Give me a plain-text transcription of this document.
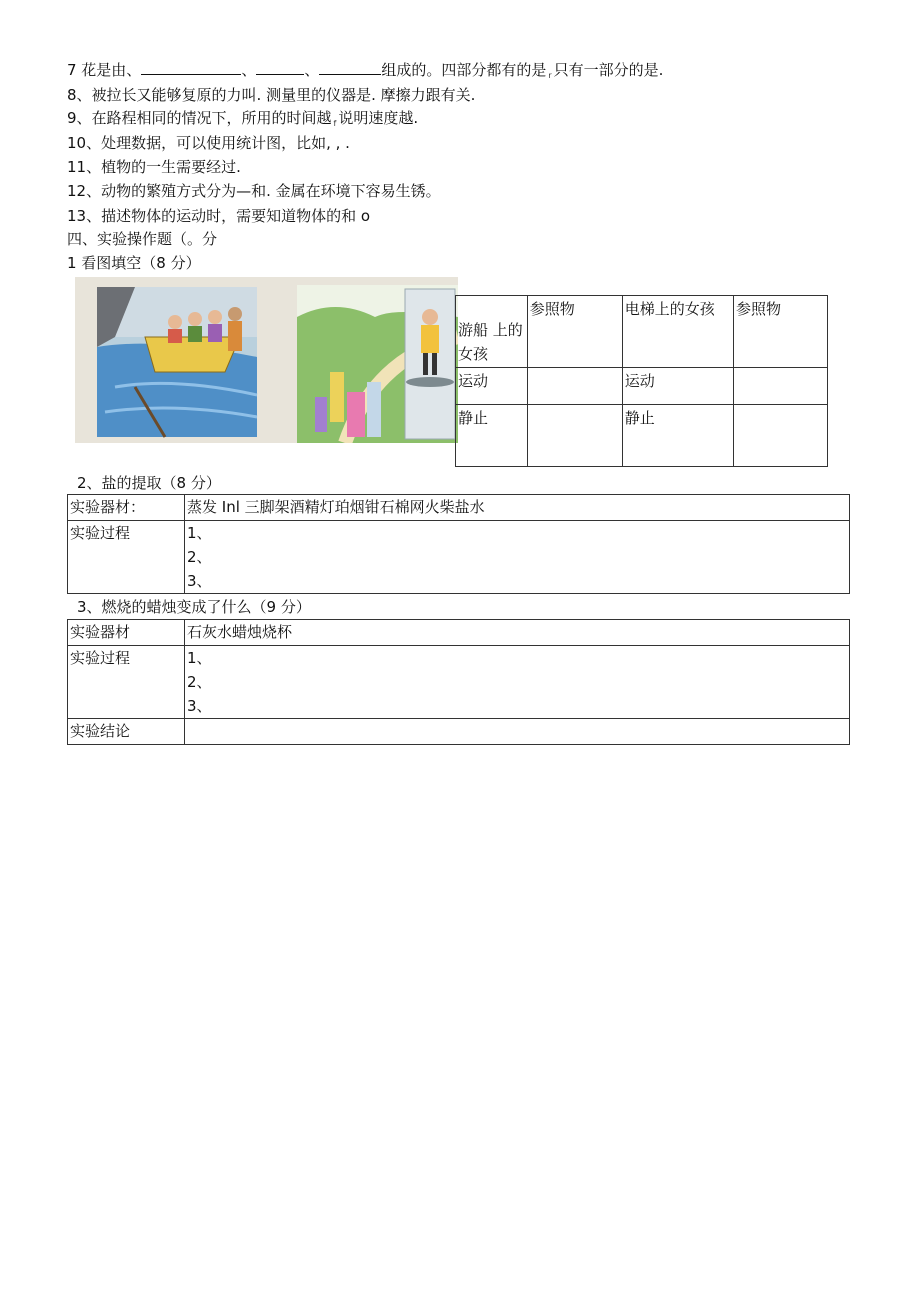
7 花是由、	、	、	组成的。四部分都有的是 $_r$ 只有一部分的是.
8、被拉长又能够复原的力叫. 测量里的仪器是. 摩擦力跟有关.
9、在路程相同的情况下，所用的时间越 $_f$ 说明速度越.
10、处理数据，可以使用统计图，比如, , .
11、植物的一生需要经过.
12、动物的繁殖方式分为—和. 金属在环境下容易生锈。
13、描述物体的运动时，需要知道物体的和 o
四、实验操作题（。分
1 看图填空（8 分）
游船 上的 女孩	参照物	电梯上的女孩	参照物
运动		运动	
静止		静止	
2、盐的提取（8 分）
实验器材：	蒸发 Inl 三脚架酒精灯珀烟钳石棉网火柴盐水
实验过程	1、
2、
3、
3、燃烧的蜡烛变成了什么（9 分）
实验器材	石灰水蜡烛烧杯
实验过程	1、
2、
3、

实验结论	
